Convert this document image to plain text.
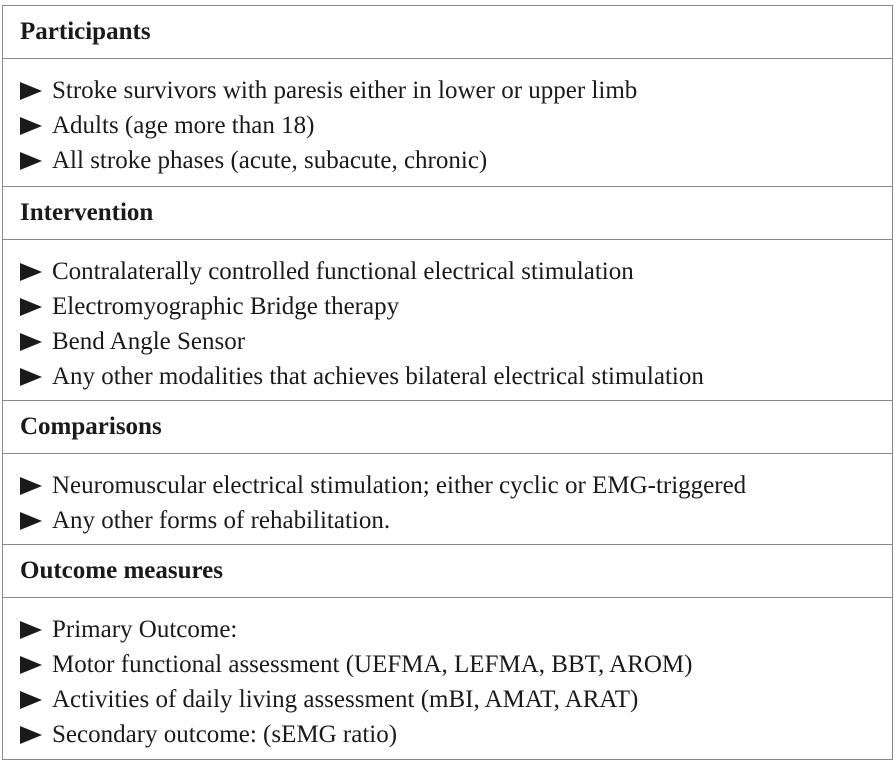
Participants
Stroke survivors with paresis either in lower or upper limb
Adults (age more than 18)
All stroke phases (acute, subacute, chronic)
Intervention
Contralaterally controlled functional electrical stimulation
Electromyographic Bridge therapy
Bend Angle Sensor
Any other modalities that achieves bilateral electrical stimulation
Comparisons
Neuromuscular electrical stimulation; either cyclic or EMG-triggered
Any other forms of rehabilitation.
Outcome measures
Primary Outcome:
Motor functional assessment (UEFMA, LEFMA, BBT, AROM)
Activities of daily living assessment (mBI, AMAT, ARAT)
Secondary outcome: (sEMG ratio)
